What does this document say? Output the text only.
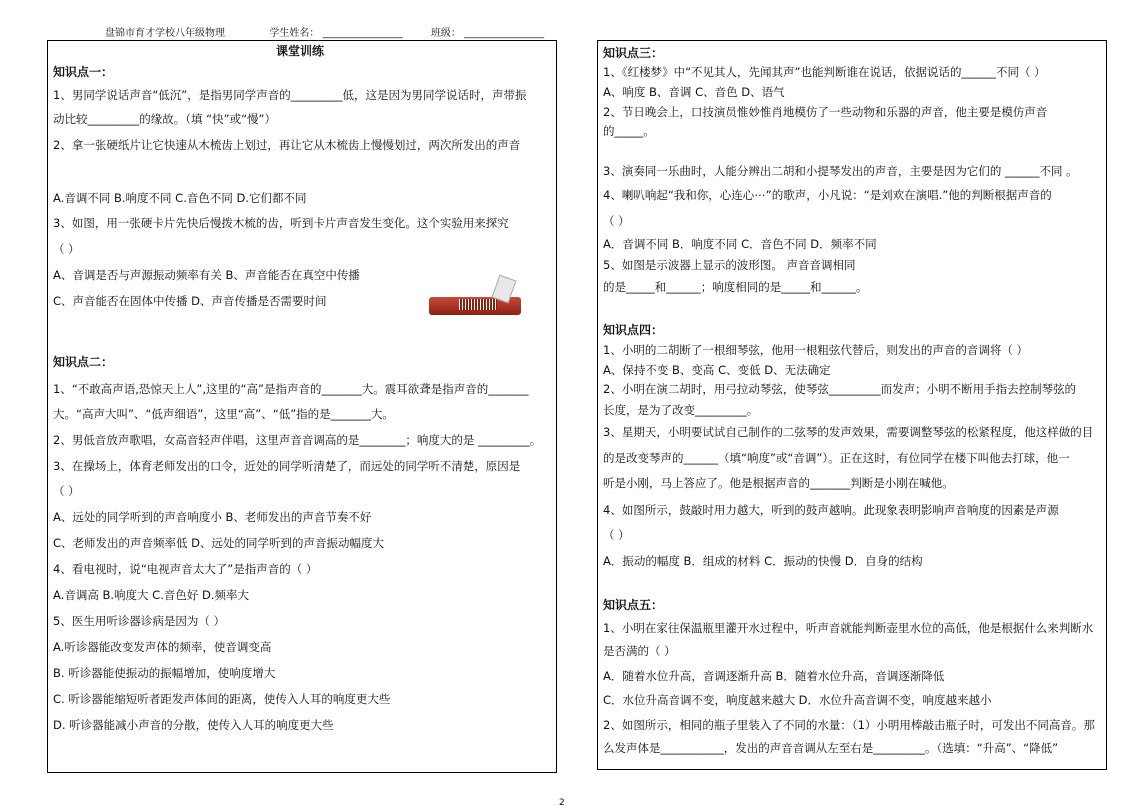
盘锦市育才学校八年级物理	学生姓名： ________________	班级： ________________
课堂训练
知识点一：
1、男同学说话声音“低沉”，是指男同学声音的_________低，这是因为男同学说话时，声带振
动比较_________的缘故。（填 “快”或“慢”）
2、拿一张硬纸片让它快速从木梳齿上划过，再让它从木梳齿上慢慢划过，两次所发出的声音
A.音调不同 B.响度不同 C.音色不同 D.它们都不同
3、如图，用一张硬卡片先快后慢拨木梳的齿，听到卡片声音发生变化。这个实验用来探究
（ ）
A、音调是否与声源振动频率有关 B、声音能否在真空中传播
C、声音能否在固体中传播 D、声音传播是否需要时间
知识点二：
1、“不敢高声语,恐惊天上人”,这里的“高”是指声音的_______大。震耳欲聋是指声音的_______
大。“高声大叫”、“低声细语”，这里“高”、“低”指的是_______大。
2、男低音放声歌唱，女高音轻声伴唱，这里声音音调高的是________；响度大的是 _________。
3、在操场上，体育老师发出的口令，近处的同学听清楚了，而远处的同学听不清楚，原因是
（ ）
A、远处的同学听到的声音响度小 B、老师发出的声音节奏不好
C、老师发出的声音频率低 D、远处的同学听到的声音振动幅度大
4、看电视时，说“电视声音太大了”是指声音的（ ）
A.音调高 B.响度大 C.音色好 D.频率大
5、医生用听诊器诊病是因为（ ）
A.听诊器能改变发声体的频率，使音调变高
B. 听诊器能使振动的振幅增加，使响度增大
C. 听诊器能缩短听者距发声体间的距离，使传入人耳的响度更大些
D. 听诊器能减小声音的分散，使传入人耳的响度更大些
知识点三：
1、《红楼梦》中“不见其人，先闻其声”也能判断谁在说话，依据说话的______不同（ ）
A、响度 B、音调 C、音色 D、语气
2、节日晚会上，口技演员惟妙惟肖地模仿了一些动物和乐器的声音，他主要是模仿声音
的_____。
3、演奏同一乐曲时，人能分辨出二胡和小提琴发出的声音，主要是因为它们的 ______不同 。
4、喇叭响起“我和你，心连心⋯”的歌声，小凡说：“是刘欢在演唱.”他的判断根据声音的
（ ）
A．音调不同 B．响度不同 C．音色不同 D．频率不同
5、如图是示波器上显示的波形图。 声音音调相同
的是_____和______；响度相同的是_____和______。
知识点四：
1、小明的二胡断了一根细琴弦，他用一根粗弦代替后，则发出的声音的音调将（ ）
A、保持不变 B、变高 C、变低 D、无法确定
2、小明在演二胡时，用弓拉动琴弦，使琴弦_________而发声；小明不断用手指去控制琴弦的
长度，是为了改变_________。
3、星期天，小明要试试自己制作的二弦琴的发声效果，需要调整琴弦的松紧程度，他这样做的目
的是改变琴声的______（填“响度”或“音调”）。正在这时，有位同学在楼下叫他去打球，他一
听是小刚，马上答应了。他是根据声音的_______判断是小刚在喊他。
4、如图所示，鼓敲时用力越大，听到的鼓声越响。此现象表明影响声音响度的因素是声源
（ ）
A．振动的幅度 B．组成的材料 C．振动的快慢 D．自身的结构
知识点五：
1、小明在家往保温瓶里灌开水过程中，听声音就能判断壶里水位的高低，他是根据什么来判断水
是否满的（ ）
A．随着水位升高，音调逐渐升高 B．随着水位升高，音调逐渐降低
C．水位升高音调不变，响度越来越大 D．水位升高音调不变，响度越来越小
2、如图所示，相同的瓶子里装入了不同的水量：（1）小明用棒敲击瓶子时，可发出不同高音。那
么发声体是___________，发出的声音音调从左至右是_________。（选填：“升高”、“降低”
2
